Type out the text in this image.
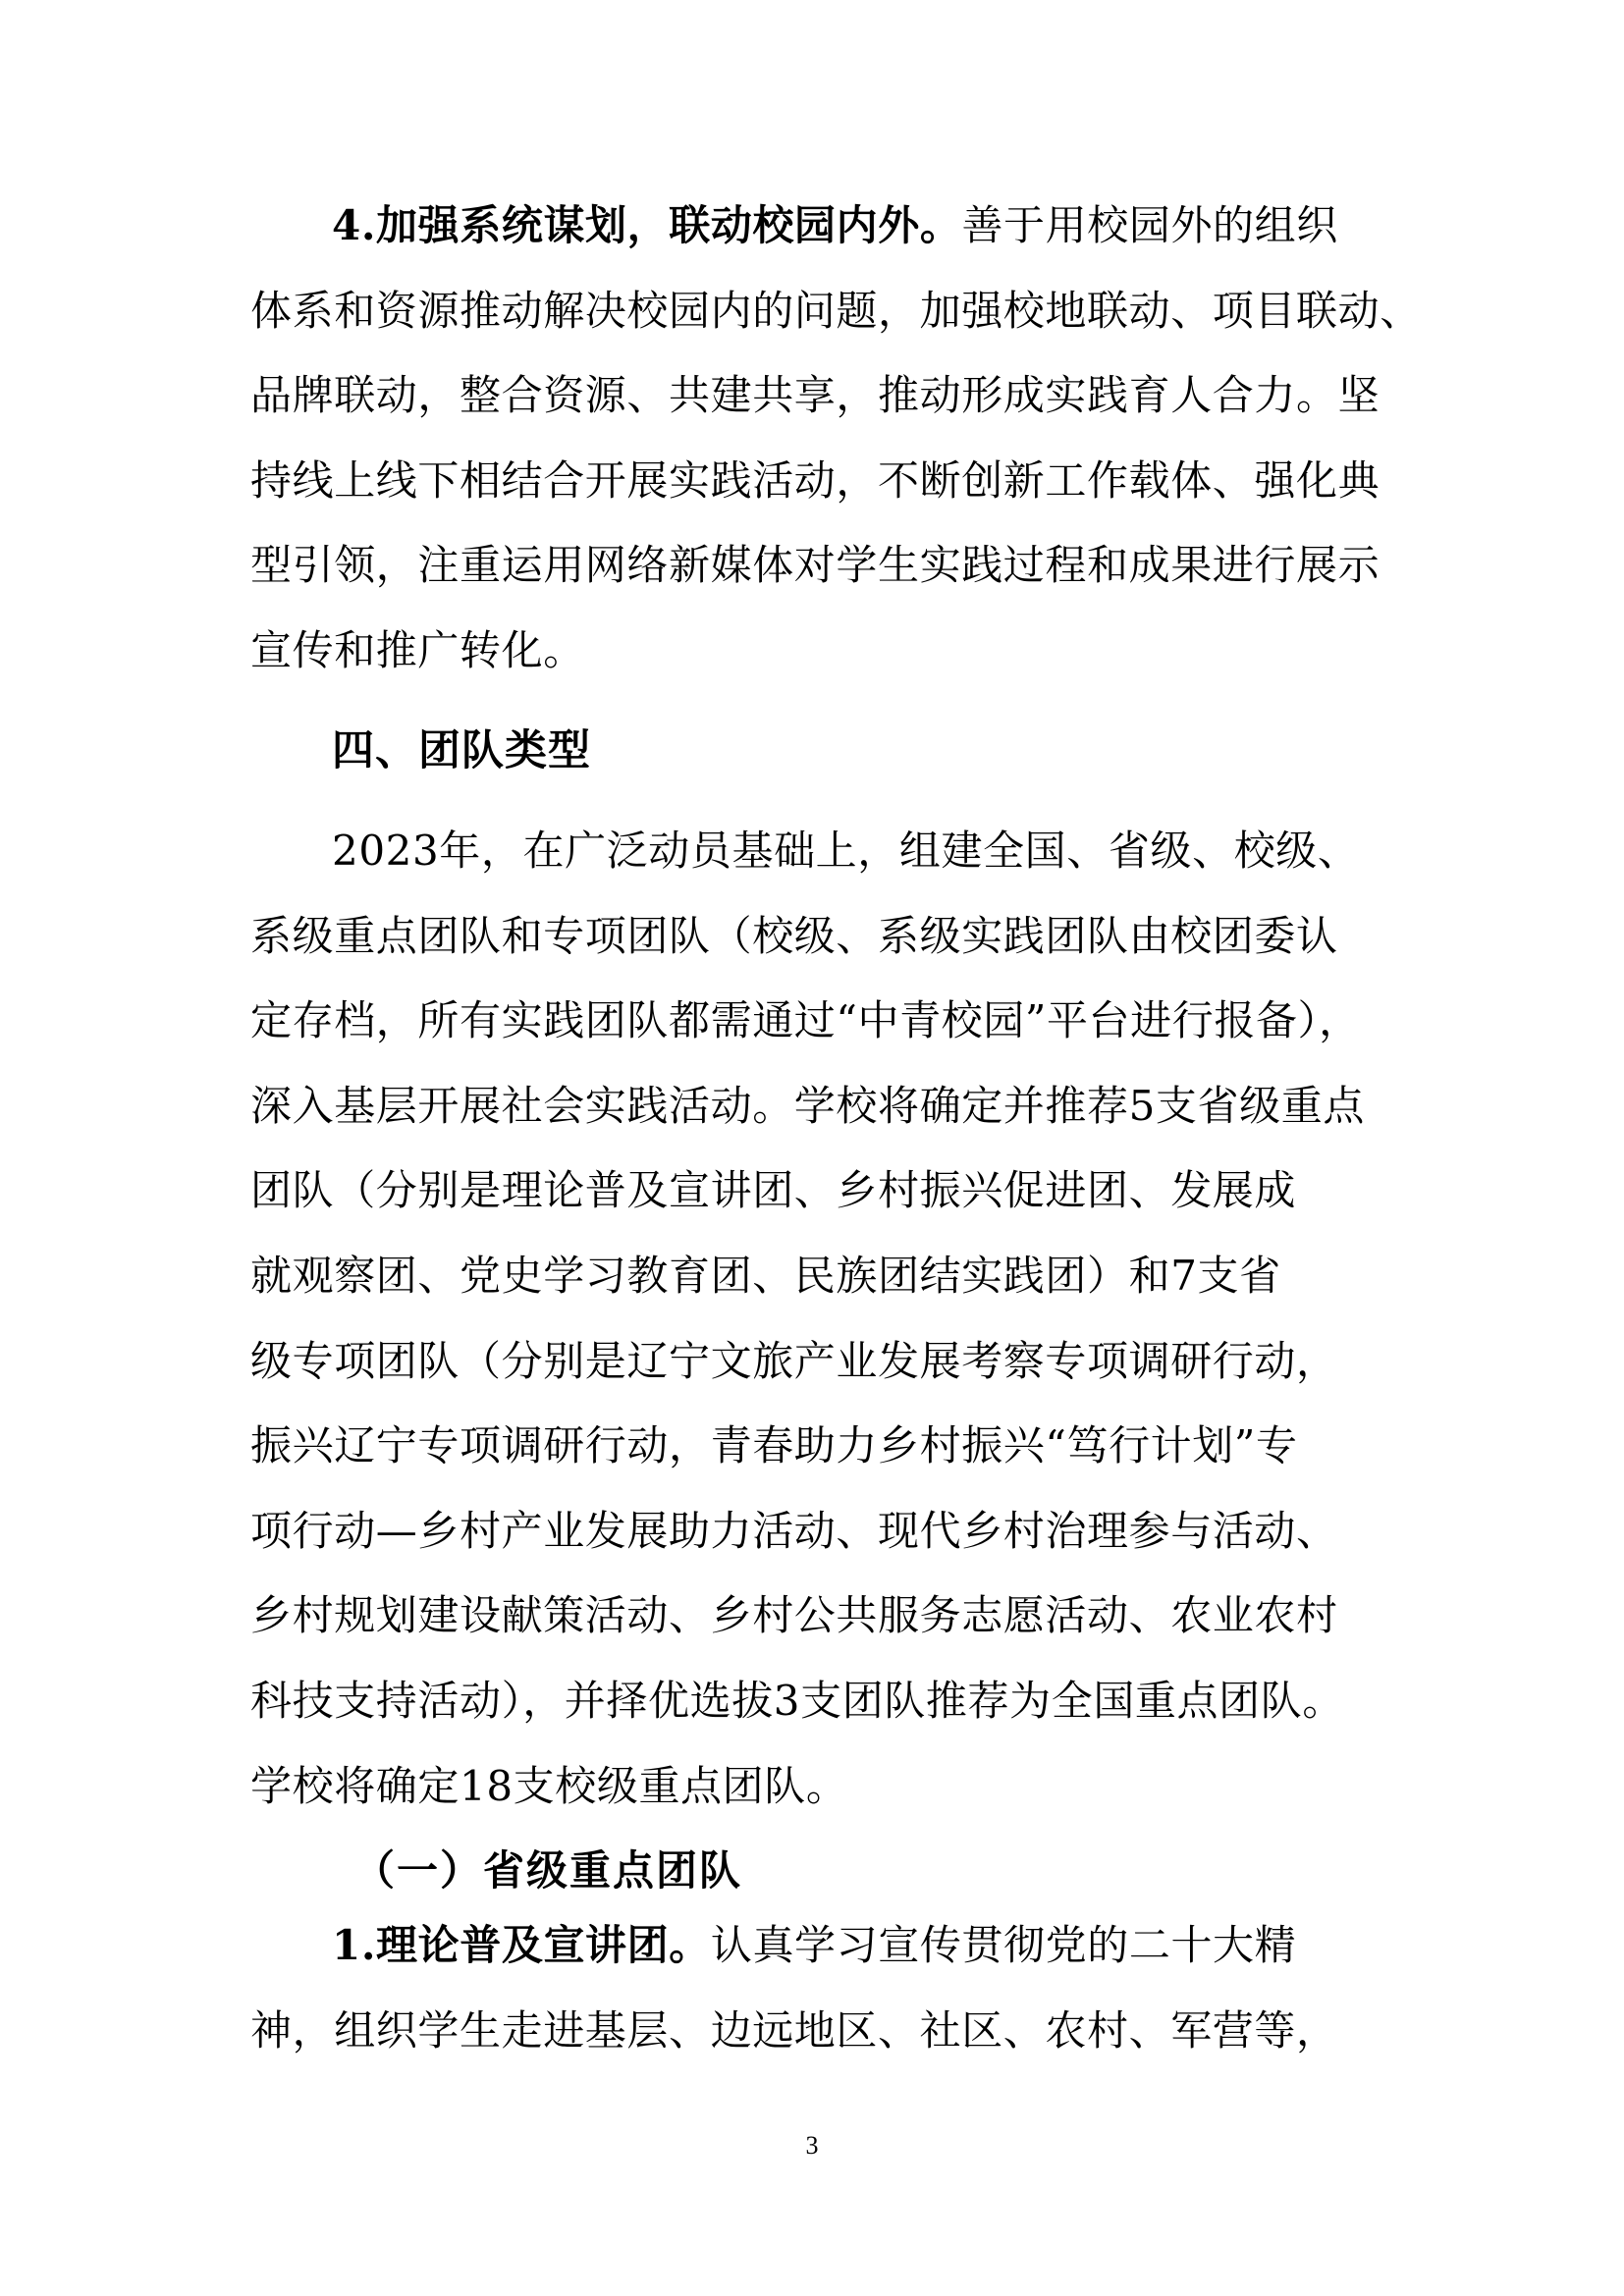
4.加强系统谋划，联动校园内外。善于用校园外的组织
体系和资源推动解决校园内的问题，加强校地联动、项目联动、
品牌联动，整合资源、共建共享，推动形成实践育人合力。坚
持线上线下相结合开展实践活动，不断创新工作载体、强化典
型引领，注重运用网络新媒体对学生实践过程和成果进行展示
宣传和推广转化。
四、团队类型
2023年，在广泛动员基础上，组建全国、省级、校级、
系级重点团队和专项团队（校级、系级实践团队由校团委认
定存档，所有实践团队都需通过“中青校园”平台进行报备），
深入基层开展社会实践活动。学校将确定并推荐5支省级重点
团队（分别是理论普及宣讲团、乡村振兴促进团、发展成
就观察团、党史学习教育团、民族团结实践团）和7支省
级专项团队（分别是辽宁文旅产业发展考察专项调研行动，
振兴辽宁专项调研行动，青春助力乡村振兴“笃行计划”专
项行动—乡村产业发展助力活动、现代乡村治理参与活动、
乡村规划建设献策活动、乡村公共服务志愿活动、农业农村
科技支持活动），并择优选拔3支团队推荐为全国重点团队。
学校将确定18支校级重点团队。
（一）省级重点团队
1.理论普及宣讲团。认真学习宣传贯彻党的二十大精
神，组织学生走进基层、边远地区、社区、农村、军营等，
3
